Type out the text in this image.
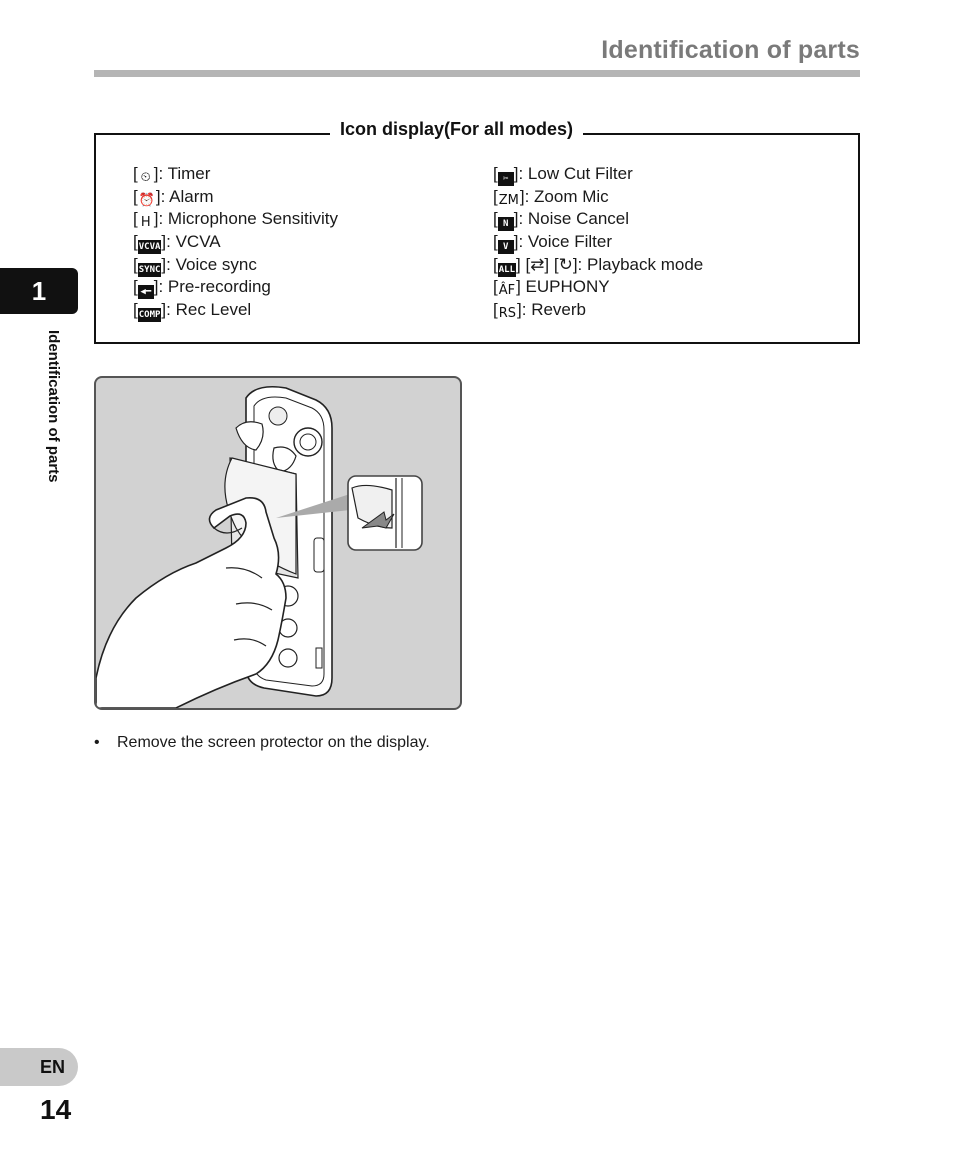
Identification of parts
1
Identification of parts
Icon display(For all modes)
[ ⏲ ]: Timer
[⏰]: Alarm
[ H ]: Microphone Sensitivity
[VCVA]: VCVA
[SYNC]: Voice sync
[ ◀━ ]: Pre-recording
[COMP]: Rec Level
[ ✂ ]: Low Cut Filter
[ZM]: Zoom Mic
[ N ]: Noise Cancel
[ V ]: Voice Filter
[ALL] [⇄] [↻]: Playback mode
[ÂF] EUPHONY
[RS]: Reverb
• Remove the screen protector on the display.
EN
14
